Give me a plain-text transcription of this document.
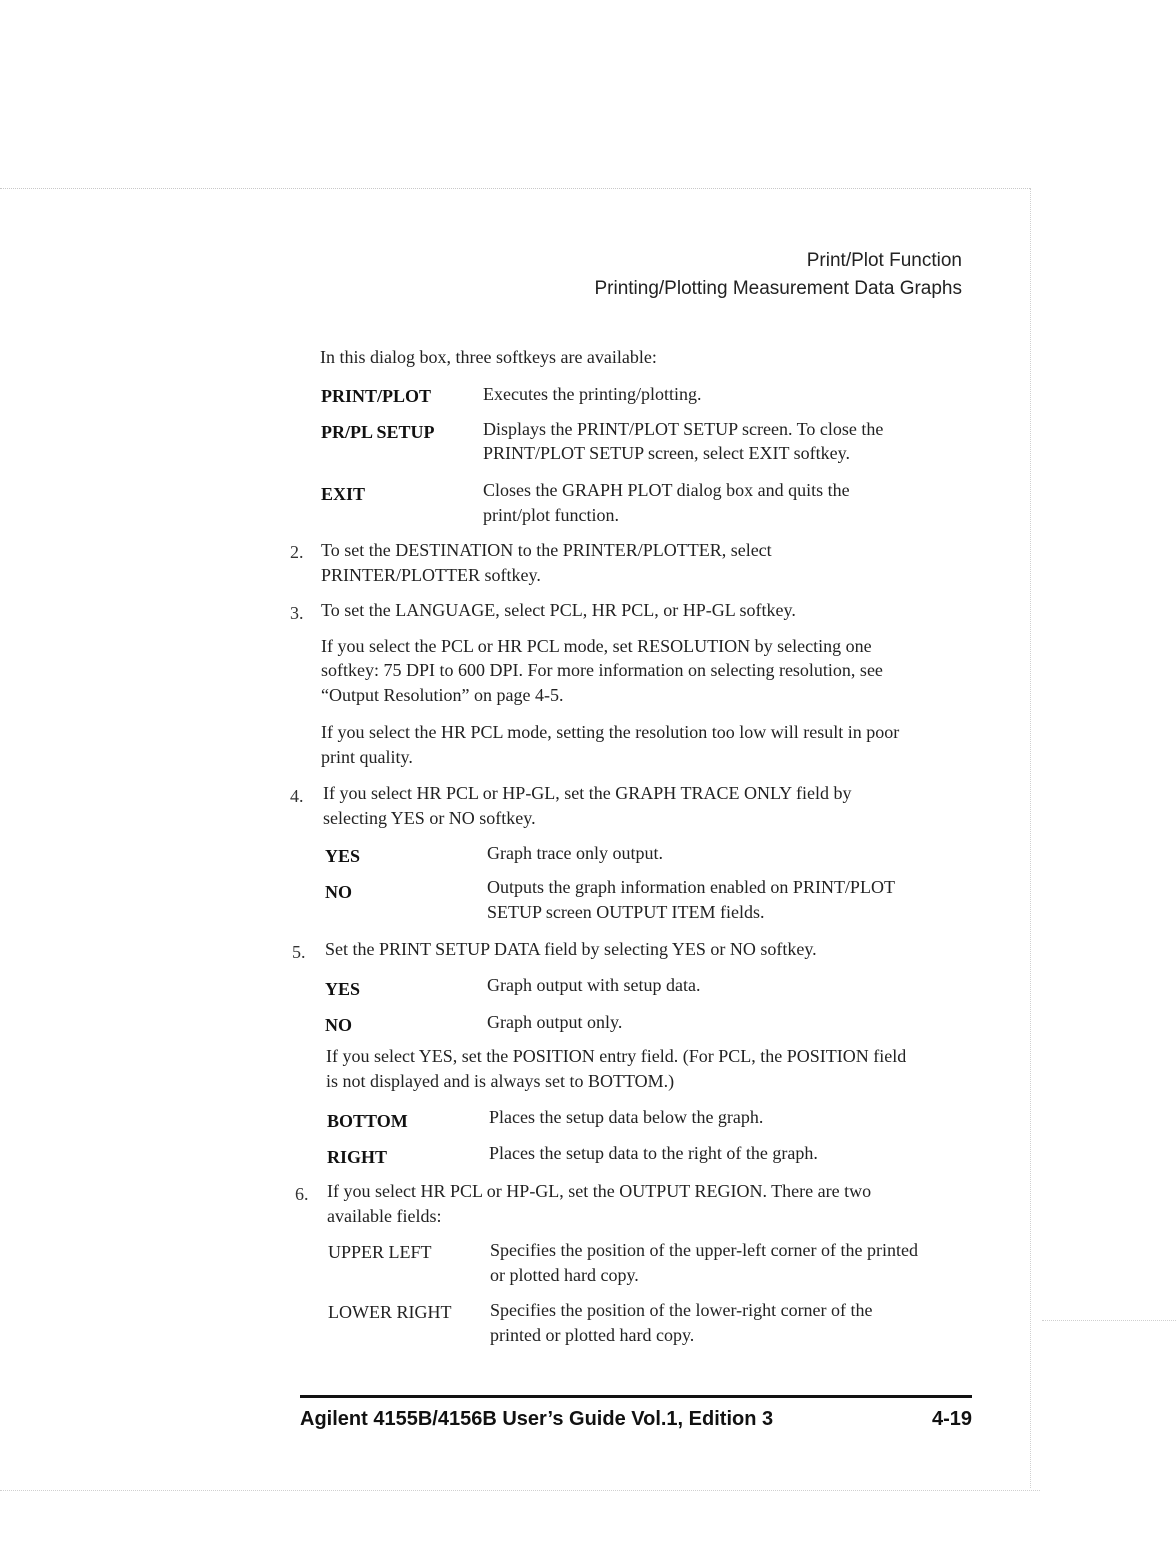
Print/Plot Function
Printing/Plotting Measurement Data Graphs
In this dialog box, three softkeys are available:
PRINT/PLOT	Executes the printing/plotting.
PR/PL SETUP	Displays the PRINT/PLOT SETUP screen. To close the
PRINT/PLOT SETUP screen, select EXIT softkey.
EXIT	Closes the GRAPH PLOT dialog box and quits the
print/plot function.
2. To set the DESTINATION to the PRINTER/PLOTTER, select
PRINTER/PLOTTER softkey.
3. To set the LANGUAGE, select PCL, HR PCL, or HP-GL softkey.
If you select the PCL or HR PCL mode, set RESOLUTION by selecting one
softkey: 75 DPI to 600 DPI. For more information on selecting resolution, see
“Output Resolution” on page 4-5.
If you select the HR PCL mode, setting the resolution too low will result in poor
print quality.
4. If you select HR PCL or HP-GL, set the GRAPH TRACE ONLY field by
selecting YES or NO softkey.
YES	Graph trace only output.
NO	Outputs the graph information enabled on PRINT/PLOT
SETUP screen OUTPUT ITEM fields.
5. Set the PRINT SETUP DATA field by selecting YES or NO softkey.
YES	Graph output with setup data.
NO	Graph output only.
If you select YES, set the POSITION entry field. (For PCL, the POSITION field
is not displayed and is always set to BOTTOM.)
BOTTOM	Places the setup data below the graph.
RIGHT	Places the setup data to the right of the graph.
6. If you select HR PCL or HP-GL, set the OUTPUT REGION. There are two
available fields:
UPPER LEFT	Specifies the position of the upper-left corner of the printed
or plotted hard copy.
LOWER RIGHT Specifies the position of the lower-right corner of the
printed or plotted hard copy.
Agilent 4155B/4156B User’s Guide Vol.1, Edition 3	4-19
